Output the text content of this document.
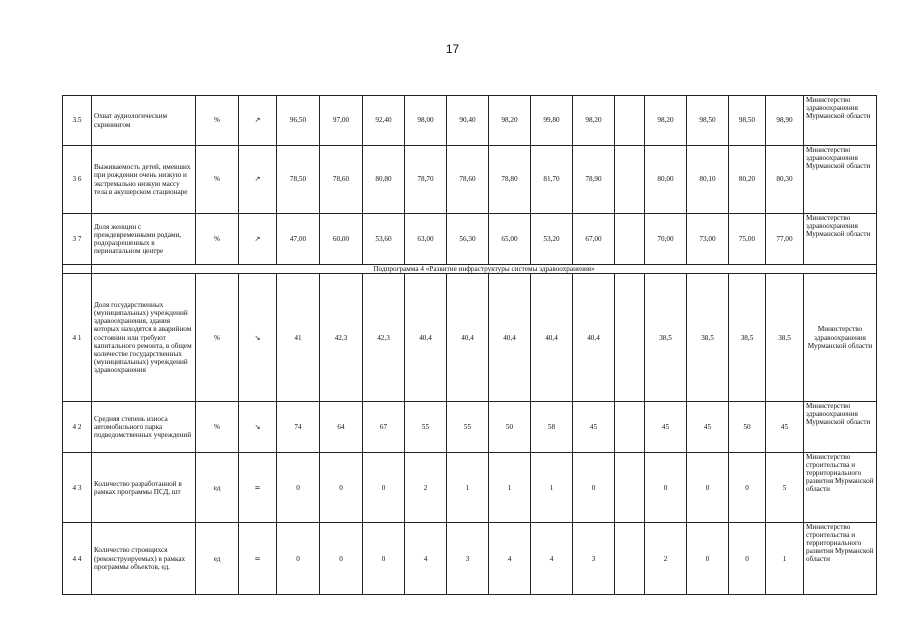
17
3.5	Охват аудиологическим скринингом	%	↗	96,50	97,00	92,40	98,00	90,40	98,20	99,80	98,20		98,20	98,50	98,50	98,90	Министерство здравоохранения Мурманской области
3 6	Выживаемость детей, имевших при рождении очень низкую и экстремально низкую массу тела в акушерском стационаре	%	↗	78,50	78,60	80,80	78,70	78,60	78,80	81,70	78,90		80,00	80,10	80,20	80,30	Министерство здравоохранения Мурманской области
3 7	Доля женщин с преждевременными родами, родоразрешенных в перинатальном центре	%	↗	47,00	60,00	53,60	63,00	56,30	65,00	53,20	67,00		70,00	73,00	75,00	77,00	Министерство здравоохранения Мурманской области
	Подпрограмма 4 «Развитие инфраструктуры системы здравоохранения»																
4 1	Доля государственных (муниципальных) учреждений здравоохранения, здания которых находятся в аварийном состоянии или требуют капитального ремонта, в общем количестве государственных (муниципальных) учреждений здравоохранения	%	↘	41	42,3	42,3	40,4	40,4	40,4	40,4	40,4		38,5	38,5	38,5	38,5	Министерство здравоохранения Мурманской области
4 2	Средняя степень износа автомобильного парка подведомственных учреждений	%	↘	74	64	67	55	55	50	58	45		45	45	50	45	Министерство здравоохранения Мурманской области
4 3	Количество разработанной в рамках программы ПСД, шт	ед	=	0	0	0	2	1	1	1	0		0	0	0	5	Министерство строительства и территориального развития Мурманской области
4 4	Количество строящихся (реконструируемых) в рамках программы объектов, ед.	ед	=	0	0	0	4	3	4	4	3		2	0	0	1	Министерство строительства и территориального развития Мурманской области
